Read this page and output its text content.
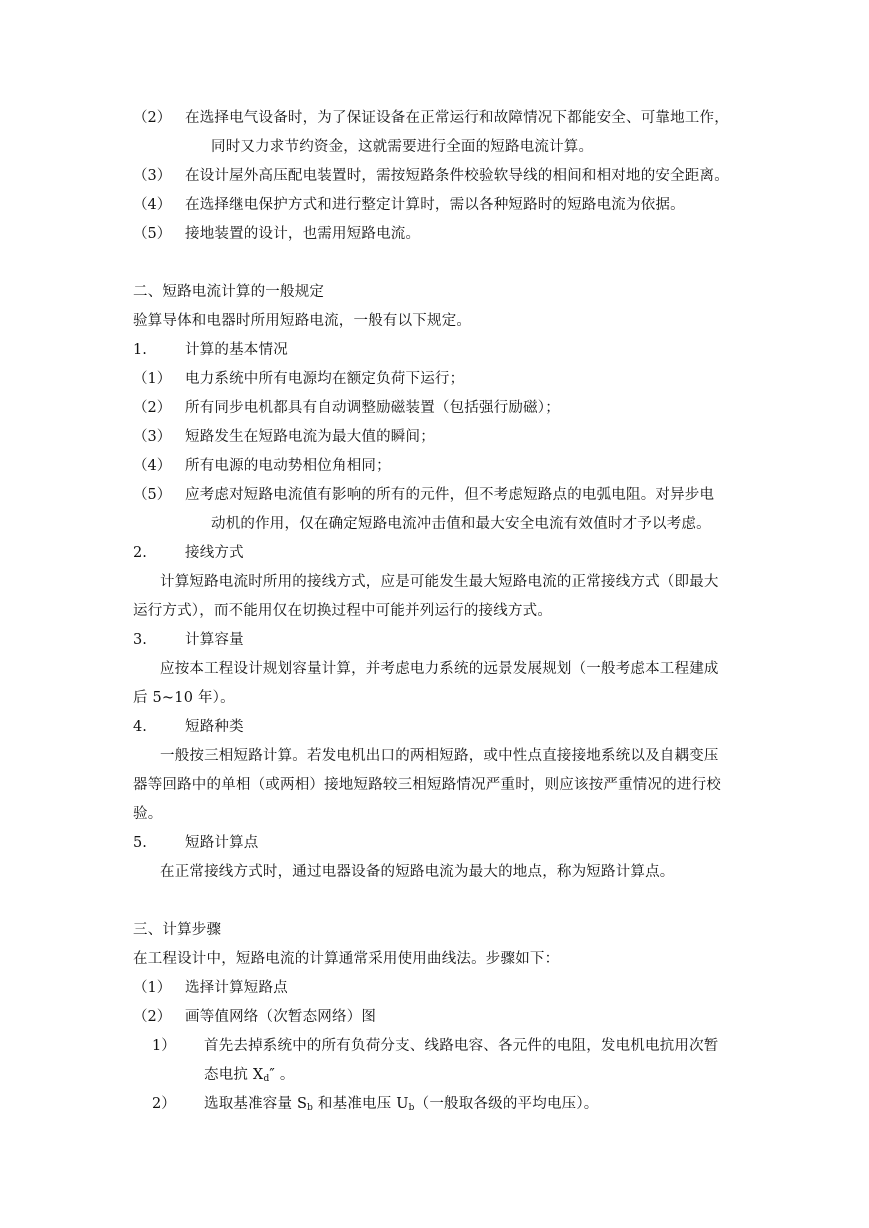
（2） 在选择电气设备时，为了保证设备在正常运行和故障情况下都能安全、可靠地工作，
同时又力求节约资金，这就需要进行全面的短路电流计算。
（3） 在设计屋外高压配电装置时，需按短路条件校验软导线的相间和相对地的安全距离。
（4） 在选择继电保护方式和进行整定计算时，需以各种短路时的短路电流为依据。
（5） 接地装置的设计，也需用短路电流。
二、短路电流计算的一般规定
验算导体和电器时所用短路电流，一般有以下规定。
1.	计算的基本情况
（1） 电力系统中所有电源均在额定负荷下运行；
（2） 所有同步电机都具有自动调整励磁装置（包括强行励磁）；
（3） 短路发生在短路电流为最大值的瞬间；
（4） 所有电源的电动势相位角相同；
（5） 应考虑对短路电流值有影响的所有的元件，但不考虑短路点的电弧电阻。对异步电
动机的作用，仅在确定短路电流冲击值和最大安全电流有效值时才予以考虑。
2.	接线方式
计算短路电流时所用的接线方式，应是可能发生最大短路电流的正常接线方式（即最大
运行方式），而不能用仅在切换过程中可能并列运行的接线方式。
3.	计算容量
应按本工程设计规划容量计算，并考虑电力系统的远景发展规划（一般考虑本工程建成
后 5~10 年）。
4.	短路种类
一般按三相短路计算。若发电机出口的两相短路，或中性点直接接地系统以及自耦变压
器等回路中的单相（或两相）接地短路较三相短路情况严重时，则应该按严重情况的进行校
验。
5.	短路计算点
在正常接线方式时，通过电器设备的短路电流为最大的地点，称为短路计算点。
三、计算步骤
在工程设计中，短路电流的计算通常采用使用曲线法。步骤如下：
（1） 选择计算短路点
（2） 画等值网络（次暂态网络）图
1） 首先去掉系统中的所有负荷分支、线路电容、各元件的电阻，发电机电抗用次暂
态电抗 $X_d''$ 。
2） 选取基准容量 $S_b$ 和基准电压 $U_b$（一般取各级的平均电压）。
